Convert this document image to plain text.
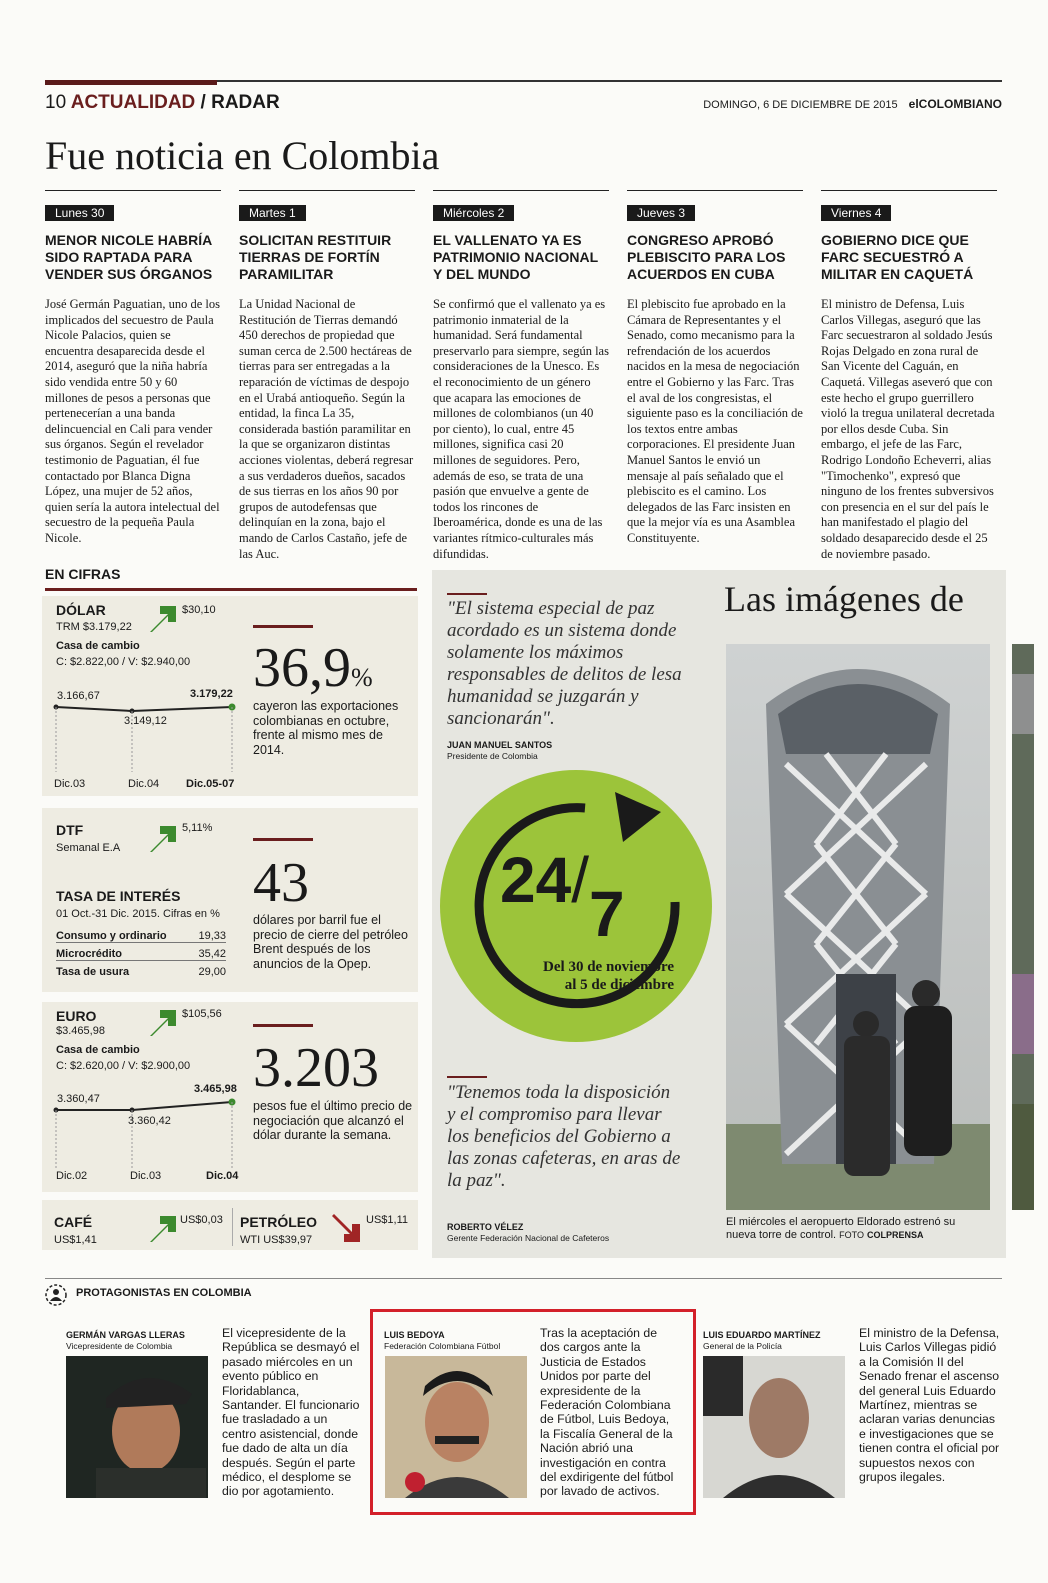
10 ACTUALIDAD / RADAR	DOMINGO, 6 DE DICIEMBRE DE 2015 elCOLOMBIANO
Fue noticia en Colombia
Lunes 30
MENOR NICOLE HABRÍA SIDO RAPTADA PARA VENDER SUS ÓRGANOS
José Germán Paguatian, uno de los implicados del secuestro de Paula Nicole Palacios, quien se encuentra desaparecida desde el 2014, aseguró que la niña habría sido vendida entre 50 y 60 millones de pesos a personas que pertenecerían a una banda delincuencial en Cali para vender sus órganos. Según el revelador testimonio de Paguatian, él fue contactado por Blanca Digna López, una mujer de 52 años, quien sería la autora intelectual del secuestro de la pequeña Paula Nicole.
Martes 1
SOLICITAN RESTITUIR TIERRAS DE FORTÍN PARAMILITAR
La Unidad Nacional de Restitución de Tierras demandó 450 derechos de propiedad que suman cerca de 2.500 hectáreas de tierras para ser entregadas a la reparación de víctimas de despojo en el Urabá antioqueño. Según la entidad, la finca La 35, considerada bastión paramilitar en la que se organizaron distintas acciones violentas, deberá regresar a sus verdaderos dueños, sacados de sus tierras en los años 90 por grupos de autodefensas que delinquían en la zona, bajo el mando de Carlos Castaño, jefe de las Auc.
Miércoles 2
EL VALLENATO YA ES PATRIMONIO NACIONAL Y DEL MUNDO
Se confirmó que el vallenato ya es patrimonio inmaterial de la humanidad. Será fundamental preservarlo para siempre, según las consideraciones de la Unesco. Es el reconocimiento de un género que acapara las emociones de millones de colombianos (un 40 por ciento), lo cual, entre 45 millones, significa casi 20 millones de seguidores. Pero, además de eso, se trata de una pasión que envuelve a gente de todos los rincones de Iberoamérica, donde es una de las variantes rítmico-culturales más difundidas.
Jueves 3
CONGRESO APROBÓ PLEBISCITO PARA LOS ACUERDOS EN CUBA
El plebiscito fue aprobado en la Cámara de Representantes y el Senado, como mecanismo para la refrendación de los acuerdos nacidos en la mesa de negociación entre el Gobierno y las Farc. Tras el aval de los congresistas, el siguiente paso es la conciliación de los textos entre ambas corporaciones. El presidente Juan Manuel Santos le envió un mensaje al país señalado que el plebiscito es el camino. Los delegados de las Farc insisten en que la mejor vía es una Asamblea Constituyente.
Viernes 4
GOBIERNO DICE QUE FARC SECUESTRÓ A MILITAR EN CAQUETÁ
El ministro de Defensa, Luis Carlos Villegas, aseguró que las Farc secuestraron al soldado Jesús Rojas Delgado en zona rural de San Vicente del Caguán, en Caquetá. Villegas aseveró que con este hecho el grupo guerrillero violó la tregua unilateral decretada por ellos desde Cuba. Sin embargo, el jefe de las Farc, Rodrigo Londoño Echeverri, alias "Timochenko", expresó que ninguno de los frentes subversivos con presencia en el sur del país le han manifestado el plagio del soldado desaparecido desde el 25 de noviembre pasado.
EN CIFRAS
DÓLAR
TRM $3.179,22
$30,10
Casa de cambio
C: $2.822,00 / V: $2.940,00
3.166,67
3.149,12
3.179,22
Dic.03	Dic.04 Dic.05-07
36,9%
cayeron las exportaciones colombianas en octubre, frente al mismo mes de 2014.
DTF
Semanal E.A
5,11%
TASA DE INTERÉS
01 Oct.-31 Dic. 2015. Cifras en %
Consumo y ordinario	19,33
Microcrédito	35,42
Tasa de usura	29,00
43
dólares por barril fue el precio de cierre del petróleo Brent después de los anuncios de la Opep.
EURO
$3.465,98
$105,56
Casa de cambio
C: $2.620,00 / V: $2.900,00
3.360,47
3.360,42
3.465,98
Dic.02	Dic.03	Dic.04
3.203
pesos fue el último precio de negociación que alcanzó el dólar durante la semana.
CAFÉ
US$1,41
US$0,03 PETRÓLEO
WTI US$39,97
US$1,11
"El sistema especial de paz acordado es un sistema donde solamente los máximos responsables de delitos de lesa humanidad se juzgarán y sancionarán".
JUAN MANUEL SANTOS
Presidente de Colombia
24/7
Del 30 de noviembre
al 5 de diciembre
"Tenemos toda la disposición y el compromiso para llevar los beneficios del Gobierno a las zonas cafeteras, en aras de la paz".
ROBERTO VÉLEZ
Gerente Federación Nacional de Cafeteros
Las imágenes de
El miércoles el aeropuerto Eldorado estrenó su nueva torre de control. FOTO COLPRENSA
PROTAGONISTAS EN COLOMBIA
GERMÁN VARGAS LLERAS
Vicepresidente de Colombia
El vicepresidente de la República se desmayó el pasado miércoles en un evento público en Floridablanca, Santander. El funcionario fue trasladado a un centro asistencial, donde fue dado de alta un día después. Según el parte médico, el desplome se dio por agotamiento.
LUIS BEDOYA
Federación Colombiana Fútbol
Tras la aceptación de dos cargos ante la Justicia de Estados Unidos por parte del expresidente de la Federación Colombiana de Fútbol, Luis Bedoya, la Fiscalía General de la Nación abrió una investigación en contra del exdirigente del fútbol por lavado de activos.
LUIS EDUARDO MARTÍNEZ
General de la Policía
El ministro de la Defensa, Luis Carlos Villegas pidió a la Comisión II del Senado frenar el ascenso del general Luis Eduardo Martínez, mientras se aclaran varias denuncias e investigaciones que se tienen contra el oficial por supuestos nexos con grupos ilegales.
